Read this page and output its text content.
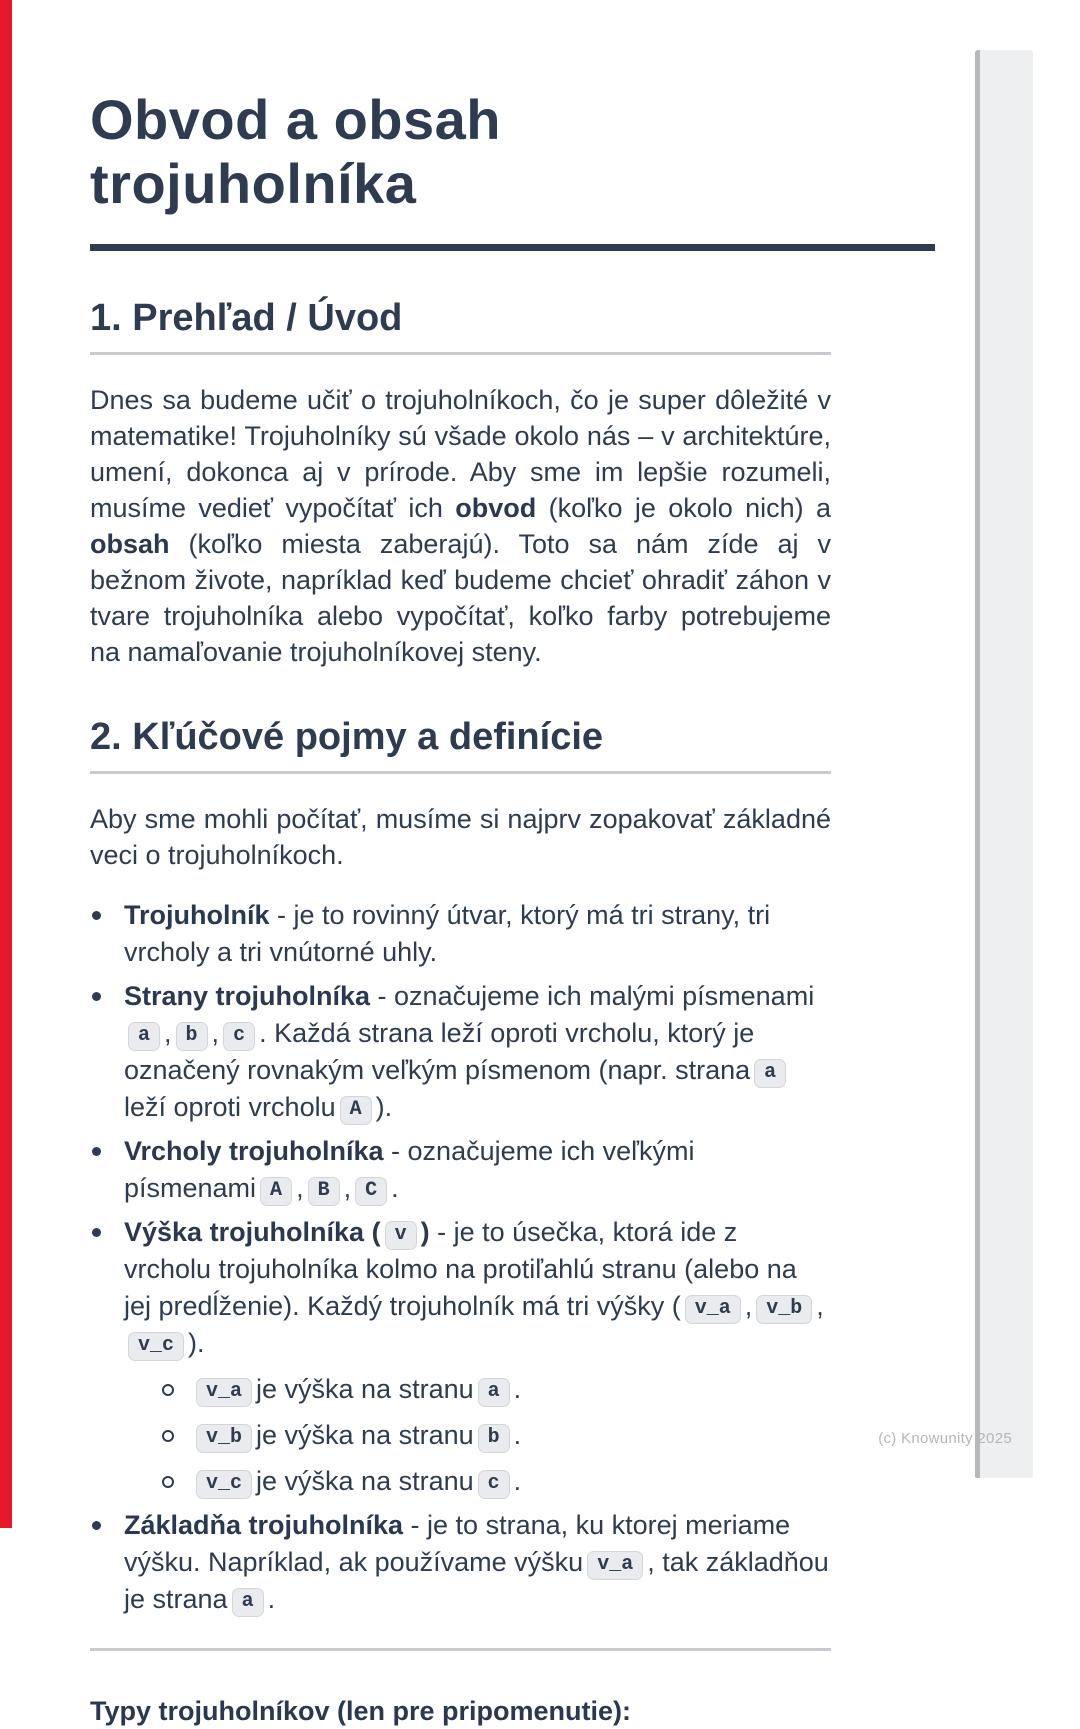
Obvod a obsah trojuholníka
1. Prehľad / Úvod

Dnes sa budeme učiť o trojuholníkoch, čo je super dôležité v matematike! Trojuholníky sú všade okolo nás – v architektúre, umení, dokonca aj v prírode. Aby sme im lepšie rozumeli, musíme vedieť vypočítať ich obvod (koľko je okolo nich) a obsah (koľko miesta zaberajú). Toto sa nám zíde aj v bežnom živote, napríklad keď budeme chcieť ohradiť záhon v tvare trojuholníka alebo vypočítať, koľko farby potrebujeme na namaľovanie trojuholníkovej steny.

2. Kľúčové pojmy a definície

Aby sme mohli počítať, musíme si najprv zopakovať základné veci o trojuholníkoch.

Trojuholník - je to rovinný útvar, ktorý má tri strany, tri vrcholy a tri vnútorné uhly.
Strany trojuholníka - označujeme ich malými písmenamia , b , c . Každá strana leží oproti vrcholu, ktorý je označený rovnakým veľkým písmenom (napr. strana aleží oproti vrcholu A ).
Vrcholy trojuholníka - označujeme ich veľkými písmenami A , B , C .
Výška trojuholníka ( v ) - je to úsečka, ktorá ide z vrcholu trojuholníka kolmo na protiľahlú stranu (alebo na jej predĺženie). Každý trojuholník má tri výšky ( v_a , v_b ,v_c ).
v_a je výška na stranu a .
v_b je výška na stranu b .
v_c je výška na stranu c .
Základňa trojuholníka - je to strana, ku ktorej meriame výšku. Napríklad, ak používame výšku v_a , tak základňou je strana a .

Typy trojuholníkov (len pre pripomenutie):

(c) Knowunity 2025
